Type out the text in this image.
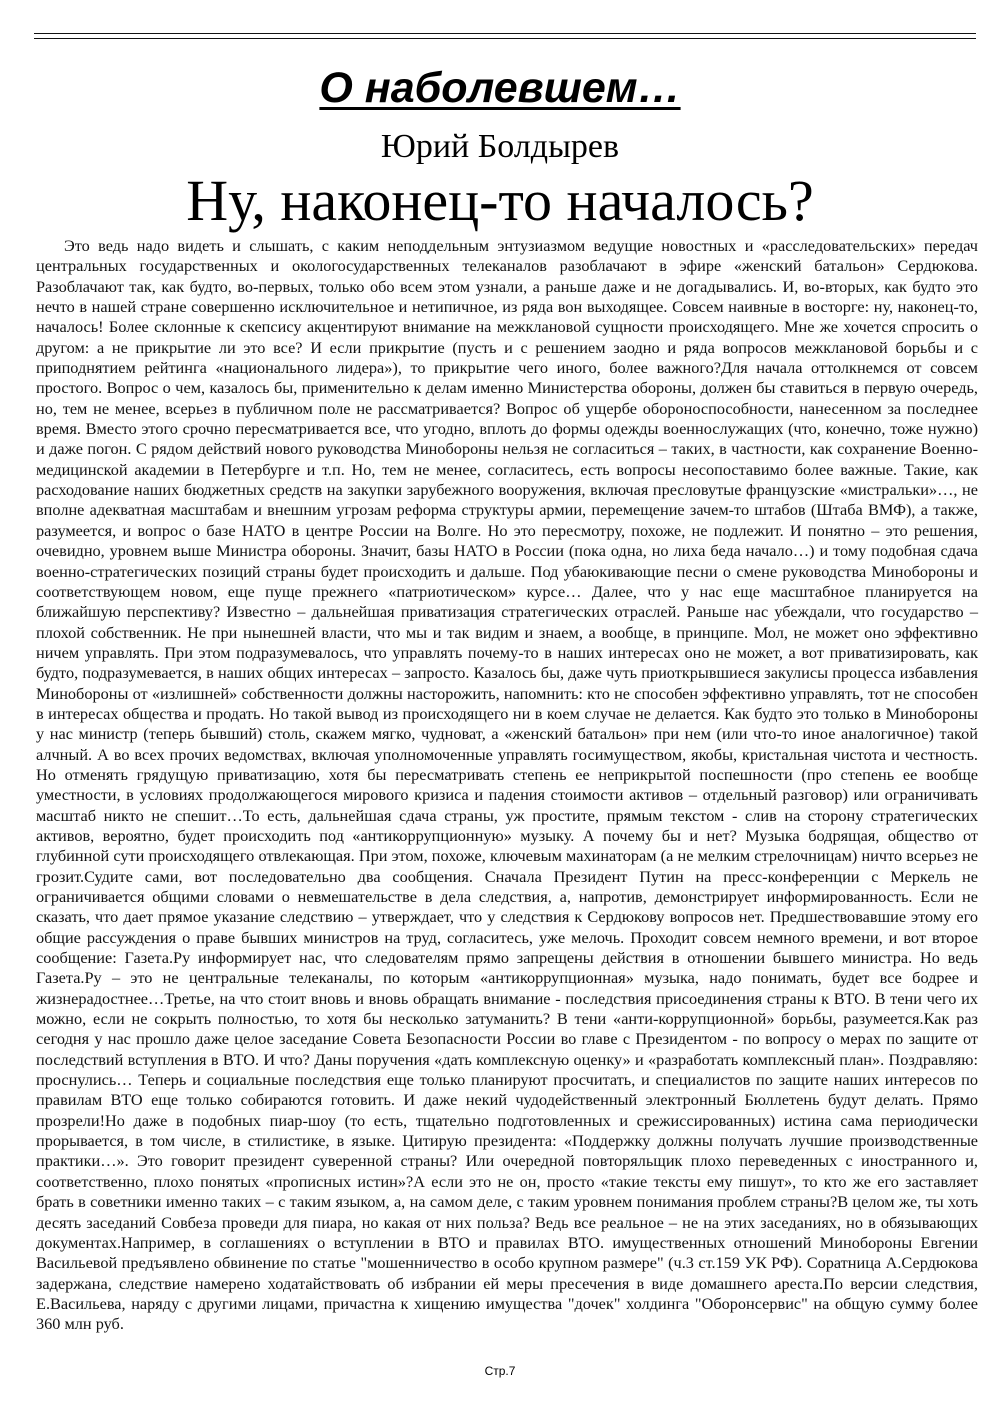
О наболевшем…
Юрий Болдырев
Ну, наконец-то началось?

Это ведь надо видеть и слышать, с каким неподдельным энтузиазмом ведущие новостных и «расследовательских» передач центральных государственных и окологосударственных телеканалов разоблачают в эфире «женский батальон» Сердюкова. Разоблачают так, как будто, во-первых, только обо всем этом узнали, а раньше даже и не догадывались. И, во-вторых, как будто это нечто в нашей стране совершенно исключительное и нетипичное, из ряда вон выходящее. Совсем наивные в восторге: ну, наконец-то, началось! Более склонные к скепсису акцентируют внимание на межклановой сущности происходящего. Мне же хочется спросить о другом: а не прикрытие ли это все? И если прикрытие (пусть и с решением заодно и ряда вопросов межклановой борьбы и с приподнятием рейтинга «национального лидера»), то прикрытие чего иного, более важного?Для начала оттолкнемся от совсем простого. Вопрос о чем, казалось бы, применительно к делам именно Министерства обороны, должен бы ставиться в первую очередь, но, тем не менее, всерьез в публичном поле не рассматривается? Вопрос об ущербе обороноспособности, нанесенном за последнее время. Вместо этого срочно пересматривается все, что угодно, вплоть до формы одежды военнослужащих (что, конечно, тоже нужно) и даже погон. С рядом действий нового руководства Минобороны нельзя не согласиться – таких, в частности, как сохранение Военно-медицинской академии в Петербурге и т.п. Но, тем не менее, согласитесь, есть вопросы несопоставимо более важные. Такие, как расходование наших бюджетных средств на закупки зарубежного вооружения, включая пресловутые французские «мистральки»…, не вполне адекватная масштабам и внешним угрозам реформа структуры армии, перемещение зачем-то штабов (Штаба ВМФ), а также, разумеется, и вопрос о базе НАТО в центре России на Волге. Но это пересмотру, похоже, не подлежит. И понятно – это решения, очевидно, уровнем выше Министра обороны. Значит, базы НАТО в России (пока одна, но лиха беда начало…) и тому подобная сдача военно-стратегических позиций страны будет происходить и дальше. Под убаюкивающие песни о смене руководства Минобороны и соответствующем новом, еще пуще прежнего «патриотическом» курсе… Далее, что у нас еще масштабное планируется на ближайшую перспективу? Известно – дальнейшая приватизация стратегических отраслей. Раньше нас убеждали, что государство – плохой собственник. Не при нынешней власти, что мы и так видим и знаем, а вообще, в принципе. Мол, не может оно эффективно ничем управлять. При этом подразумевалось, что управлять почему-то в наших интересах оно не может, а вот приватизировать, как будто, подразумевается, в наших общих интересах – запросто. Казалось бы, даже чуть приоткрывшиеся закулисы процесса избавления Минобороны от «излишней» собственности должны насторожить, напомнить: кто не способен эффективно управлять, тот не способен в интересах общества и продать. Но такой вывод из происходящего ни в коем случае не делается. Как будто это только в Минобороны у нас министр (теперь бывший) столь, скажем мягко, чудноват, а «женский батальон» при нем (или что-то иное аналогичное) такой алчный. А во всех прочих ведомствах, включая уполномоченные управлять госимуществом, якобы, кристальная чистота и честность. Но отменять грядущую приватизацию, хотя бы пересматривать степень ее неприкрытой поспешности (про степень ее вообще уместности, в условиях продолжающегося мирового кризиса и падения стоимости активов – отдельный разговор) или ограничивать масштаб никто не спешит…То есть, дальнейшая сдача страны, уж простите, прямым текстом - слив на сторону стратегических активов, вероятно, будет происходить под «антикоррупционную» музыку. А почему бы и нет? Музыка бодрящая, общество от глубинной сути происходящего отвлекающая. При этом, похоже, ключевым махинаторам (а не мелким стрелочницам) ничто всерьез не грозит.Судите сами, вот последовательно два сообщения. Сначала Президент Путин на пресс-конференции с Меркель не ограничивается общими словами о невмешательстве в дела следствия, а, напротив, демонстрирует информированность. Если не сказать, что дает прямое указание следствию – утверждает, что у следствия к Сердюкову вопросов нет. Предшествовавшие этому его общие рассуждения о праве бывших министров на труд, согласитесь, уже мелочь. Проходит совсем немного времени, и вот второе сообщение: Газета.Ру информирует нас, что следователям прямо запрещены действия в отношении бывшего министра. Но ведь Газета.Ру – это не центральные телеканалы, по которым «антикоррупционная» музыка, надо понимать, будет все бодрее и жизнерадостнее…Третье, на что стоит вновь и вновь обращать внимание - последствия присоединения страны к ВТО. В тени чего их можно, если не сокрыть полностью, то хотя бы несколько затуманить? В тени «анти-коррупционной» борьбы, разумеется.Как раз сегодня у нас прошло даже целое заседание Совета Безопасности России во главе с Президентом - по вопросу о мерах по защите от последствий вступления в ВТО. И что? Даны поручения «дать комплексную оценку» и «разработать комплексный план». Поздравляю: проснулись… Теперь и социальные последствия еще только планируют просчитать, и специалистов по защите наших интересов по правилам ВТО еще только собираются готовить. И даже некий чудодейственный электронный Бюллетень будут делать. Прямо прозрели!Но даже в подобных пиар-шоу (то есть, тщательно подготовленных и срежиссированных) истина сама периодически прорывается, в том числе, в стилистике, в языке. Цитирую президента: «Поддержку должны получать лучшие производственные практики…». Это говорит президент суверенной страны? Или очередной повторяльщик плохо переведенных с иностранного и, соответственно, плохо понятых «прописных истин»?А если это не он, просто «такие тексты ему пишут», то кто же его заставляет брать в советники именно таких – с таким языком, а, на самом деле, с таким уровнем понимания проблем страны?В целом же, ты хоть десять заседаний Совбеза проведи для пиара, но какая от них польза? Ведь все реальное – не на этих заседаниях, но в обязывающих документах.Например, в соглашениях о вступлении в ВТО и правилах ВТО. имущественных отношений Минобороны Евгении Васильевой предъявлено обвинение по статье "мошенничество в особо крупном размере" (ч.3 ст.159 УК РФ). Соратница А.Сердюкова задержана, следствие намерено ходатайствовать об избрании ей меры пресечения в виде домашнего ареста.По версии следствия, Е.Васильева, наряду с другими лицами, причастна к хищению имущества "дочек" холдинга "Оборонсервис" на общую сумму более 360 млн руб.

Стр.7
